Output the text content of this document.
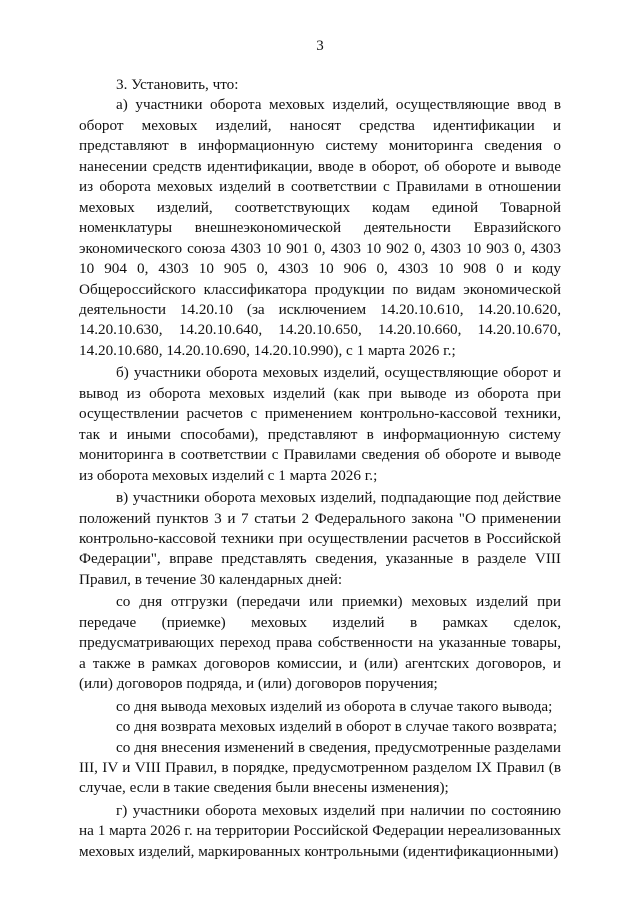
3

3. Установить, что:

а) участники оборота меховых изделий, осуществляющие ввод в оборот меховых изделий, наносят средства идентификации и представляют в информационную систему мониторинга сведения о нанесении средств идентификации, вводе в оборот, об обороте и выводе из оборота меховых изделий в соответствии с Правилами в отношении меховых изделий, соответствующих кодам единой Товарной номенклатуры внешнеэкономической деятельности Евразийского экономического союза 4303 10 901 0, 4303 10 902 0, 4303 10 903 0, 4303 10 904 0, 4303 10 905 0, 4303 10 906 0, 4303 10 908 0 и коду Общероссийского классификатора продукции по видам экономической деятельности 14.20.10 (за исключением 14.20.10.610, 14.20.10.620, 14.20.10.630, 14.20.10.640, 14.20.10.650, 14.20.10.660, 14.20.10.670, 14.20.10.680, 14.20.10.690, 14.20.10.990), с 1 марта 2026 г.;

б) участники оборота меховых изделий, осуществляющие оборот и вывод из оборота меховых изделий (как при выводе из оборота при осуществлении расчетов с применением контрольно-кассовой техники, так и иными способами), представляют в информационную систему мониторинга в соответствии с Правилами сведения об обороте и выводе из оборота меховых изделий с 1 марта 2026 г.;

в) участники оборота меховых изделий, подпадающие под действие положений пунктов 3 и 7 статьи 2 Федерального закона "О применении контрольно-кассовой техники при осуществлении расчетов в Российской Федерации", вправе представлять сведения, указанные в разделе VIII Правил, в течение 30 календарных дней:

со дня отгрузки (передачи или приемки) меховых изделий при передаче (приемке) меховых изделий в рамках сделок, предусматривающих переход права собственности на указанные товары, а также в рамках договоров комиссии, и (или) агентских договоров, и (или) договоров подряда, и (или) договоров поручения;

со дня вывода меховых изделий из оборота в случае такого вывода;

со дня возврата меховых изделий в оборот в случае такого возврата;

со дня внесения изменений в сведения, предусмотренные разделами III, IV и VIII Правил, в порядке, предусмотренном разделом IX Правил (в случае, если в такие сведения были внесены изменения);

г) участники оборота меховых изделий при наличии по состоянию на 1 марта 2026 г. на территории Российской Федерации нереализованных меховых изделий, маркированных контрольными (идентификационными)
